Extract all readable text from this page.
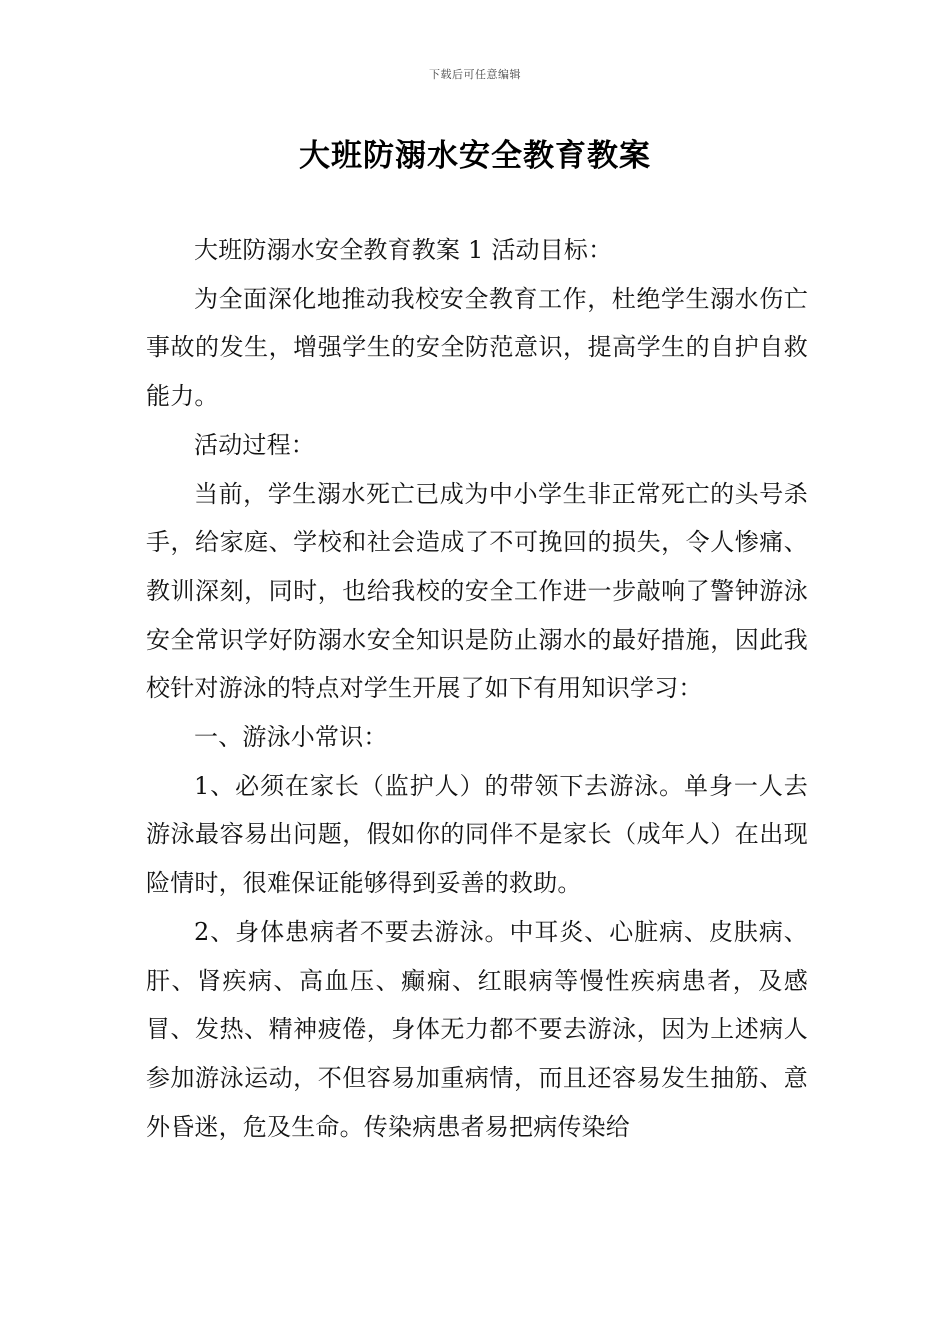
下载后可任意编辑
大班防溺水安全教育教案

大班防溺水安全教育教案 1 活动目标：

为全面深化地推动我校安全教育工作，杜绝学生溺水伤亡事故的发生，增强学生的安全防范意识，提高学生的自护自救能力。

活动过程：

当前，学生溺水死亡已成为中小学生非正常死亡的头号杀手，给家庭、学校和社会造成了不可挽回的损失，令人惨痛、教训深刻，同时，也给我校的安全工作进一步敲响了警钟游泳安全常识学好防溺水安全知识是防止溺水的最好措施，因此我校针对游泳的特点对学生开展了如下有用知识学习：

一、游泳小常识：

1、必须在家长（监护人）的带领下去游泳。单身一人去游泳最容易出问题，假如你的同伴不是家长（成年人）在出现险情时，很难保证能够得到妥善的救助。

2、身体患病者不要去游泳。中耳炎、心脏病、皮肤病、肝、肾疾病、高血压、癫痫、红眼病等慢性疾病患者，及感冒、发热、精神疲倦，身体无力都不要去游泳，因为上述病人参加游泳运动，不但容易加重病情，而且还容易发生抽筋、意外昏迷，危及生命。传染病患者易把病传染给
